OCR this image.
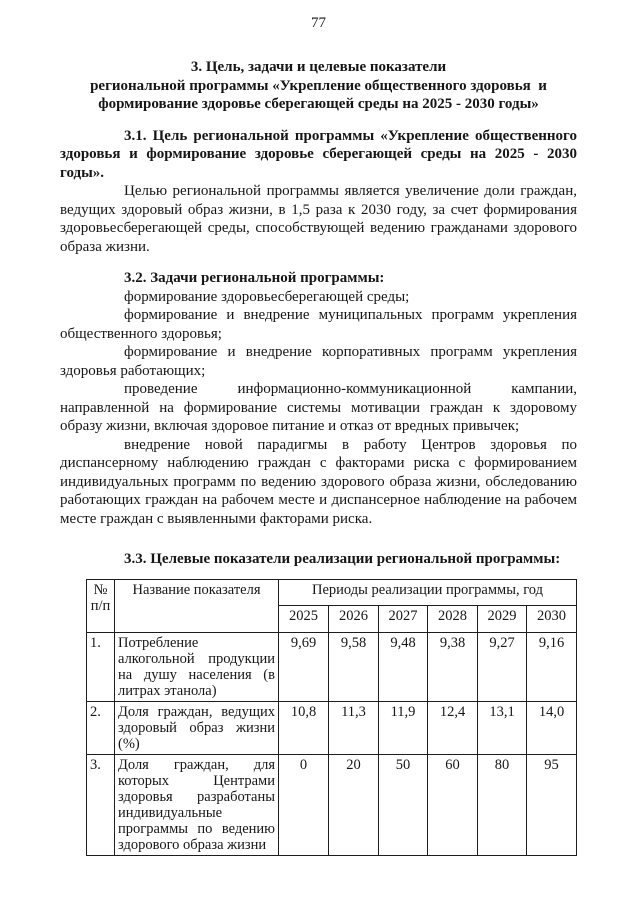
77
3. Цель, задачи и целевые показатели
региональной программы «Укрепление общественного здоровья  и
формирование здоровье сберегающей среды на 2025 - 2030 годы»
3.1. Цель региональной программы «Укрепление общественного здоровья и формирование здоровье сберегающей среды на 2025 - 2030 годы».
Целью региональной программы является увеличение доли граждан, ведущих здоровый образ жизни, в 1,5 раза к 2030 году, за счет формирования здоровьесберегающей среды, способствующей ведению гражданами здорового образа жизни.
3.2. Задачи региональной программы:
формирование здоровьесберегающей среды;
формирование и внедрение муниципальных программ укрепления общественного здоровья;
формирование и внедрение корпоративных программ укрепления здоровья работающих;
проведение информационно-коммуникационной кампании, направленной на формирование системы мотивации граждан к здоровому образу жизни, включая здоровое питание и отказ от вредных привычек;
внедрение новой парадигмы в работу Центров здоровья по диспансерному наблюдению граждан с факторами риска с формированием индивидуальных программ по ведению здорового образа жизни, обследованию работающих граждан на рабочем месте и диспансерное наблюдение на рабочем месте граждан с выявленными факторами риска.
3.3. Целевые показатели реализации региональной программы:
№ п/п	Название показателя	Периоды реализации программы, год					
		2025	2026	2027	2028	2029	2030
1.	Потребление алкогольной продукции на душу населения (в литрах этанола)	9,69	9,58	9,48	9,38	9,27	9,16
2.	Доля граждан, ведущих здоровый образ жизни (%)	10,8	11,3	11,9	12,4	13,1	14,0
3.	Доля граждан, для которых Центрами здоровья разработаны индивидуальные программы по ведению здорового образа жизни	0	20	50	60	80	95
